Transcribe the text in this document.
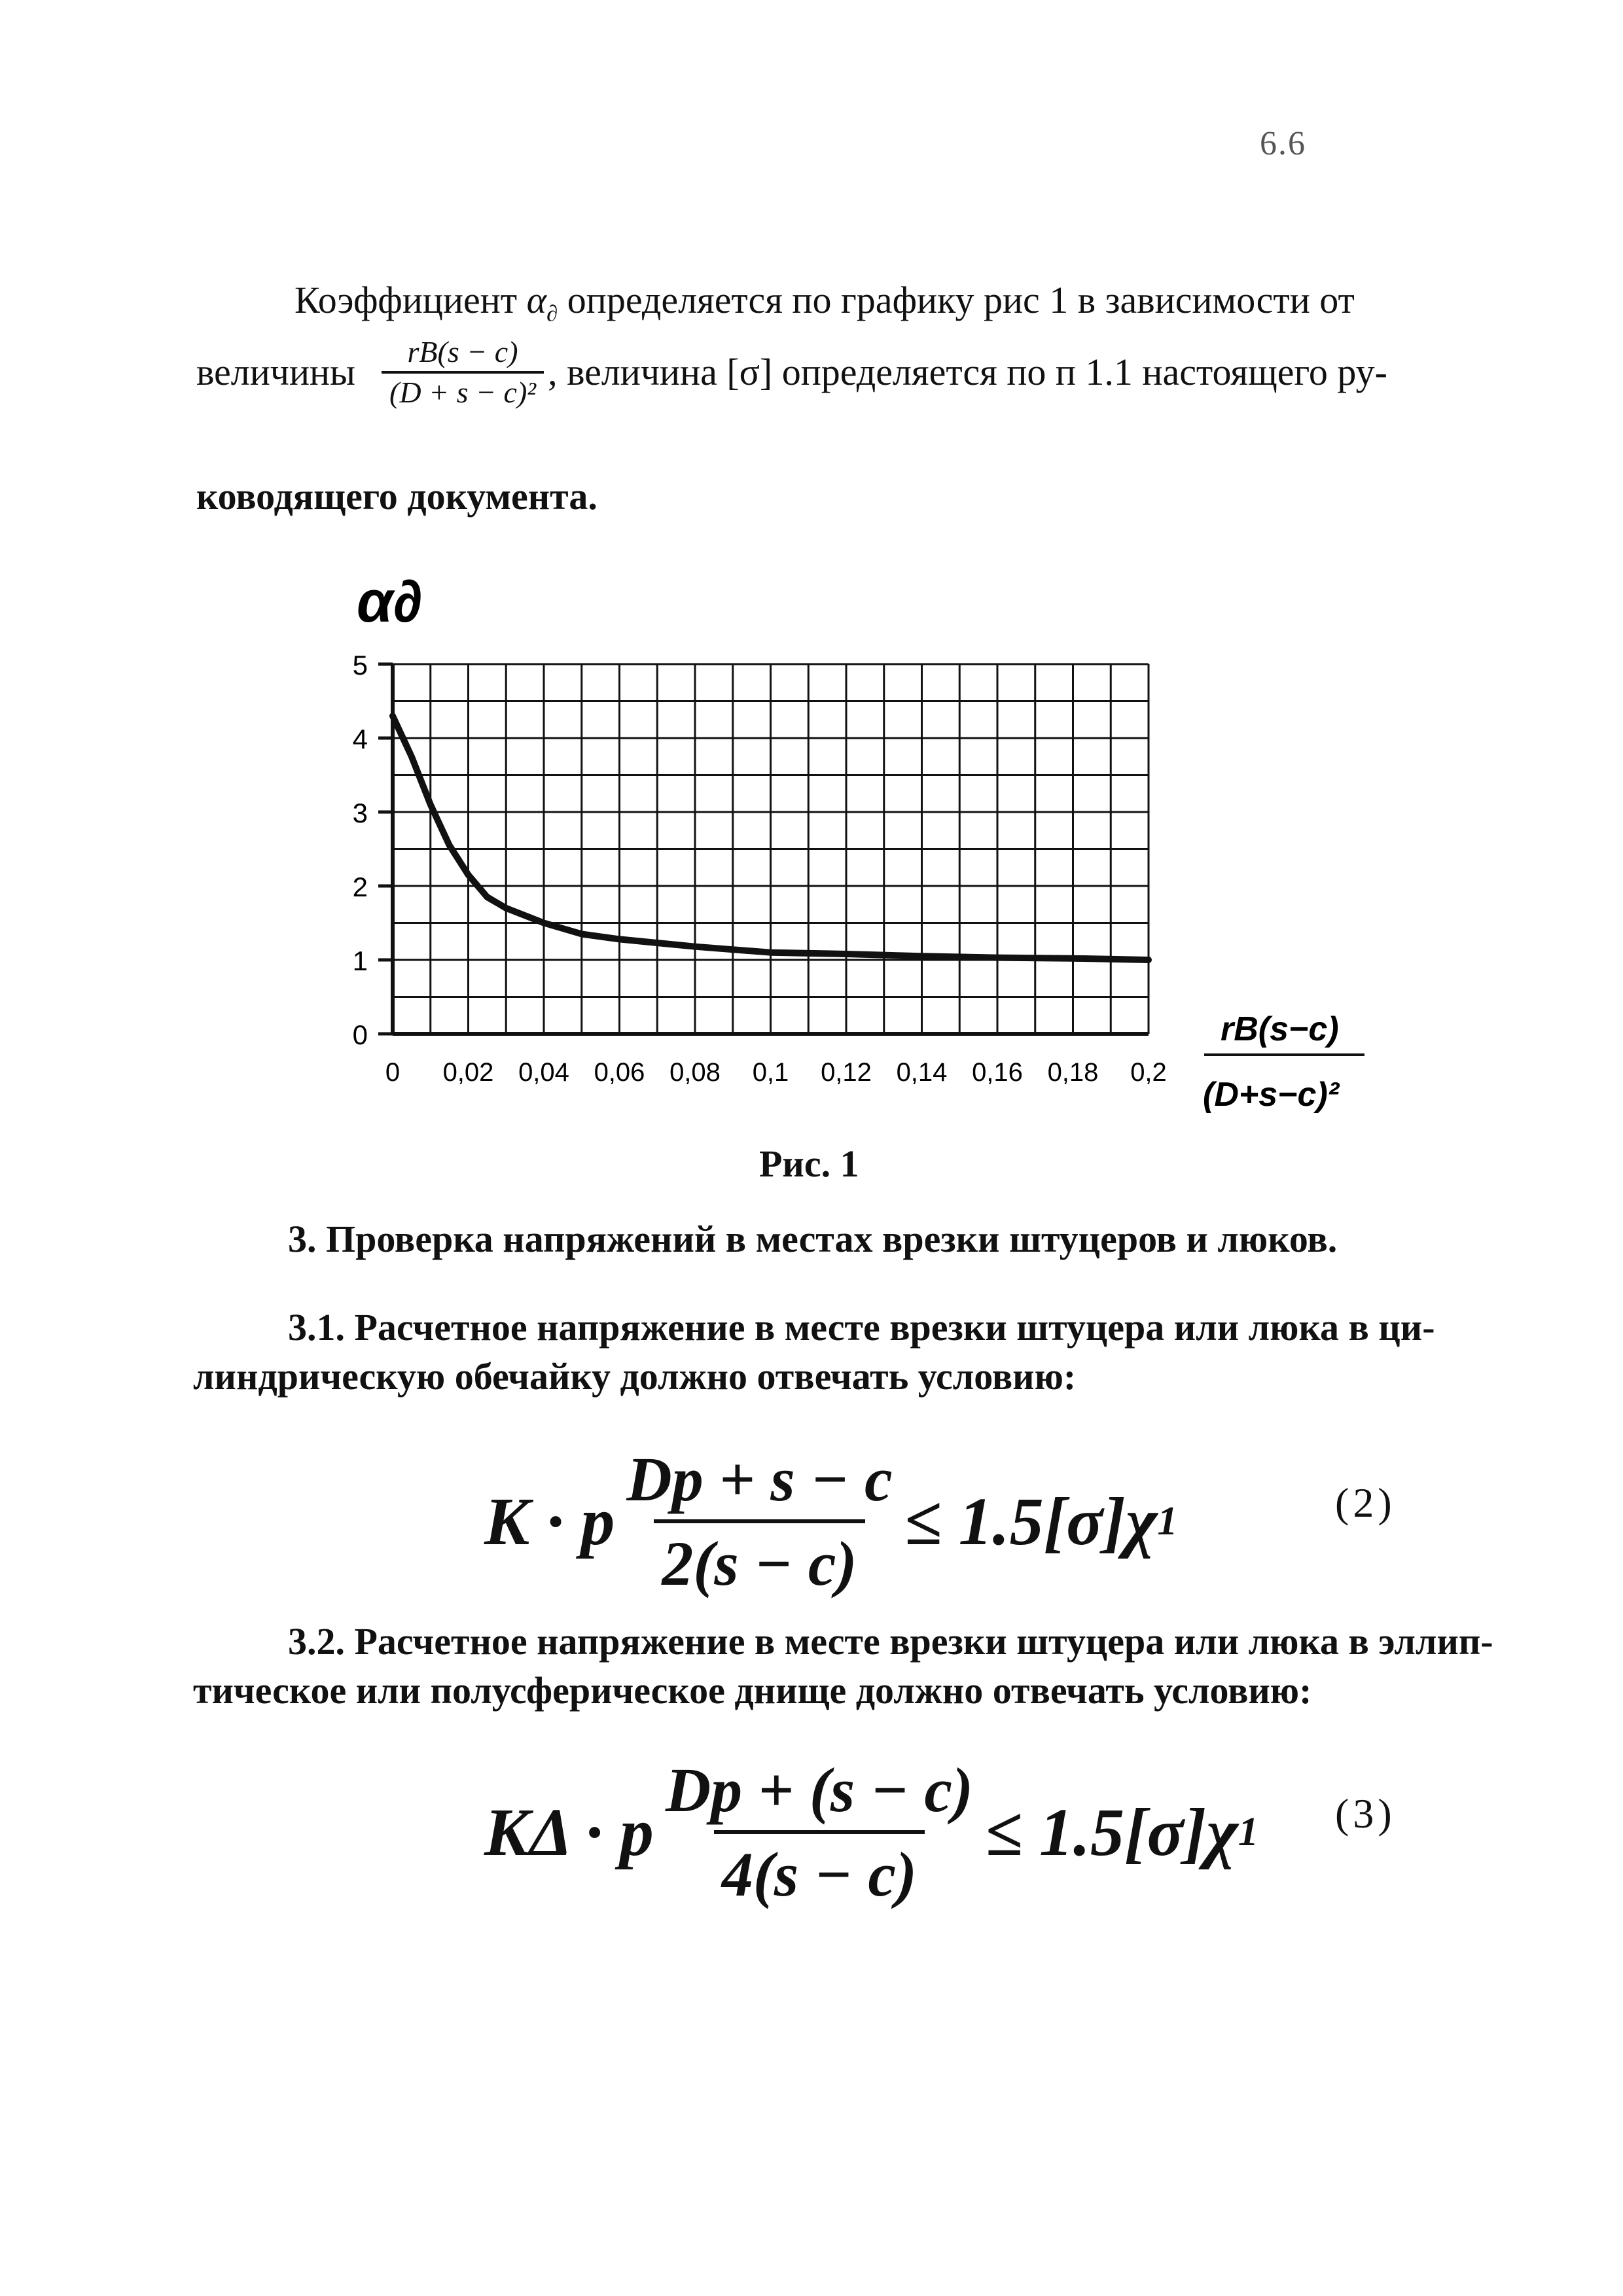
6.6
Коэффициент $\alpha_\partial$ определяется по графику рис 1 в зависимости от
величины $\frac{rB(s - c)}{\text{(D + s − c)²}}$ , величина [σ] определяется по п 1.1 настоящего ру-
ководящего документа.
0
1
2
3
4
5
0 0,02 0,04 0,06 0,08 0,1 0,12 0,14 0,16 0,18 0,2
α∂
rB(s−c)
(D+s−c)²
Рис. 1
3. Проверка напряжений в местах врезки штуцеров и люков.
3.1. Расчетное напряжение в месте врезки штуцера или люка в ци-
линдрическую обечайку должно отвечать условию:
K · p $\frac{Dp + s - c}{2(s - c)} \le 1.5[\sigma]\chi$ 1	(2)
3.2. Расчетное напряжение в месте врезки штуцера или люка в эллип-
тическое или полусферическое днище должно отвечать условию:
KΔ · p $\frac{Dp + (s - c)}{4(s - c)} \le 1.5[\sigma]\chi$ 1 (3)
